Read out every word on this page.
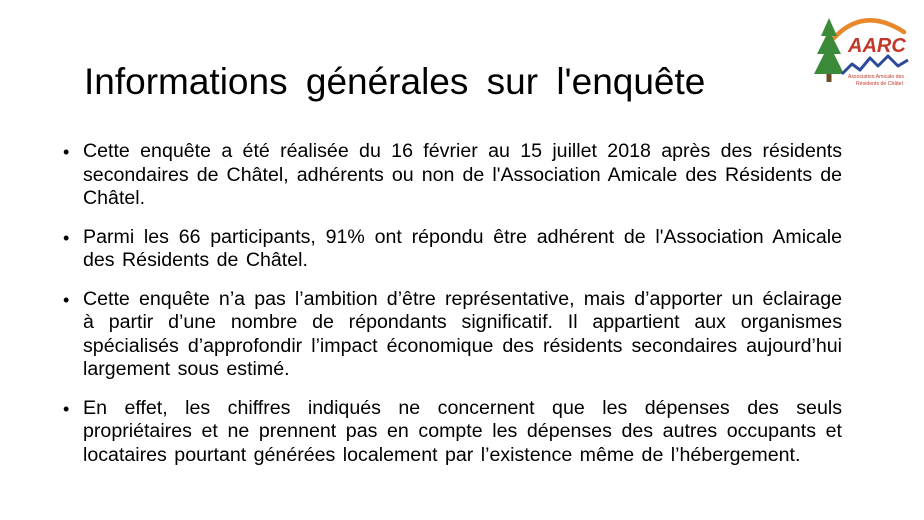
Informations générales sur l'enquête
AARC
Association Amicale des
Résidents de Châtel
• Cette enquête a été réalisée du 16 février au 15 juillet 2018 après des résidents secondaires de Châtel, adhérents ou non de l'Association Amicale des Résidents de Châtel.
• Parmi les 66 participants, 91% ont répondu être adhérent de l'Association Amicale des Résidents de Châtel.
• Cette enquête n’a pas l’ambition d’être représentative, mais d’apporter un éclairage à partir d’une nombre de répondants significatif. Il appartient aux organismes spécialisés d’approfondir l’impact économique des résidents secondaires aujourd’hui largement sous estimé.
• En effet, les chiffres indiqués ne concernent que les dépenses des seuls propriétaires et ne prennent pas en compte les dépenses des autres occupants et locataires pourtant générées localement par l’existence même de l’hébergement.
